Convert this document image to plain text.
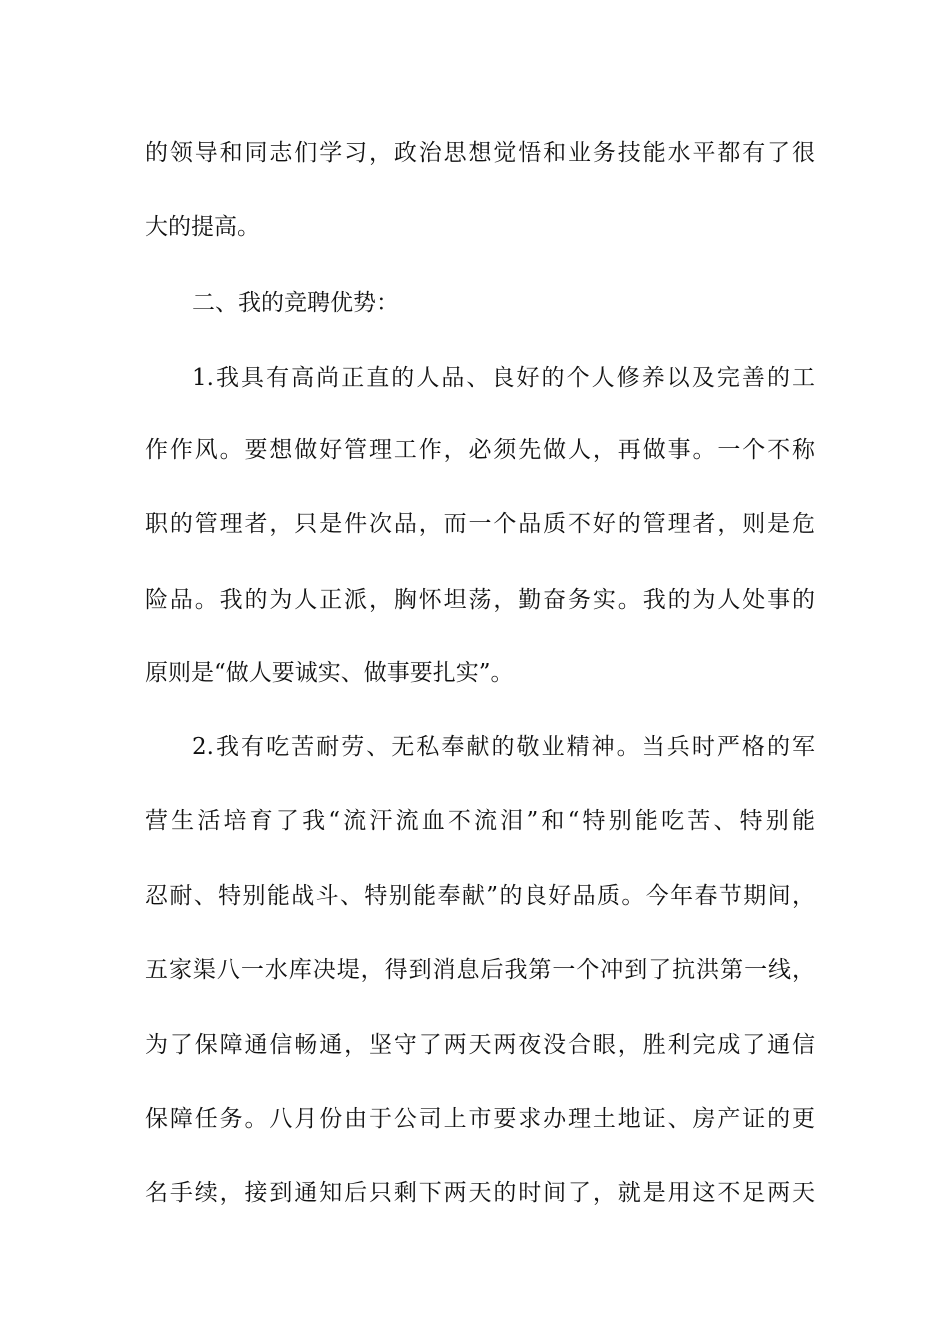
的领导和同志们学习，政治思想觉悟和业务技能水平都有了很
大的提高。
二、我的竞聘优势：
1.我具有高尚正直的人品、良好的个人修养以及完善的工
作作风。要想做好管理工作，必须先做人，再做事。一个不称
职的管理者，只是件次品，而一个品质不好的管理者，则是危
险品。我的为人正派，胸怀坦荡，勤奋务实。我的为人处事的
原则是“做人要诚实、做事要扎实”。
2.我有吃苦耐劳、无私奉献的敬业精神。当兵时严格的军
营生活培育了我“流汗流血不流泪”和“特别能吃苦、特别能
忍耐、特别能战斗、特别能奉献”的良好品质。今年春节期间，
五家渠八一水库决堤，得到消息后我第一个冲到了抗洪第一线，
为了保障通信畅通，坚守了两天两夜没合眼，胜利完成了通信
保障任务。八月份由于公司上市要求办理土地证、房产证的更
名手续，接到通知后只剩下两天的时间了，就是用这不足两天
